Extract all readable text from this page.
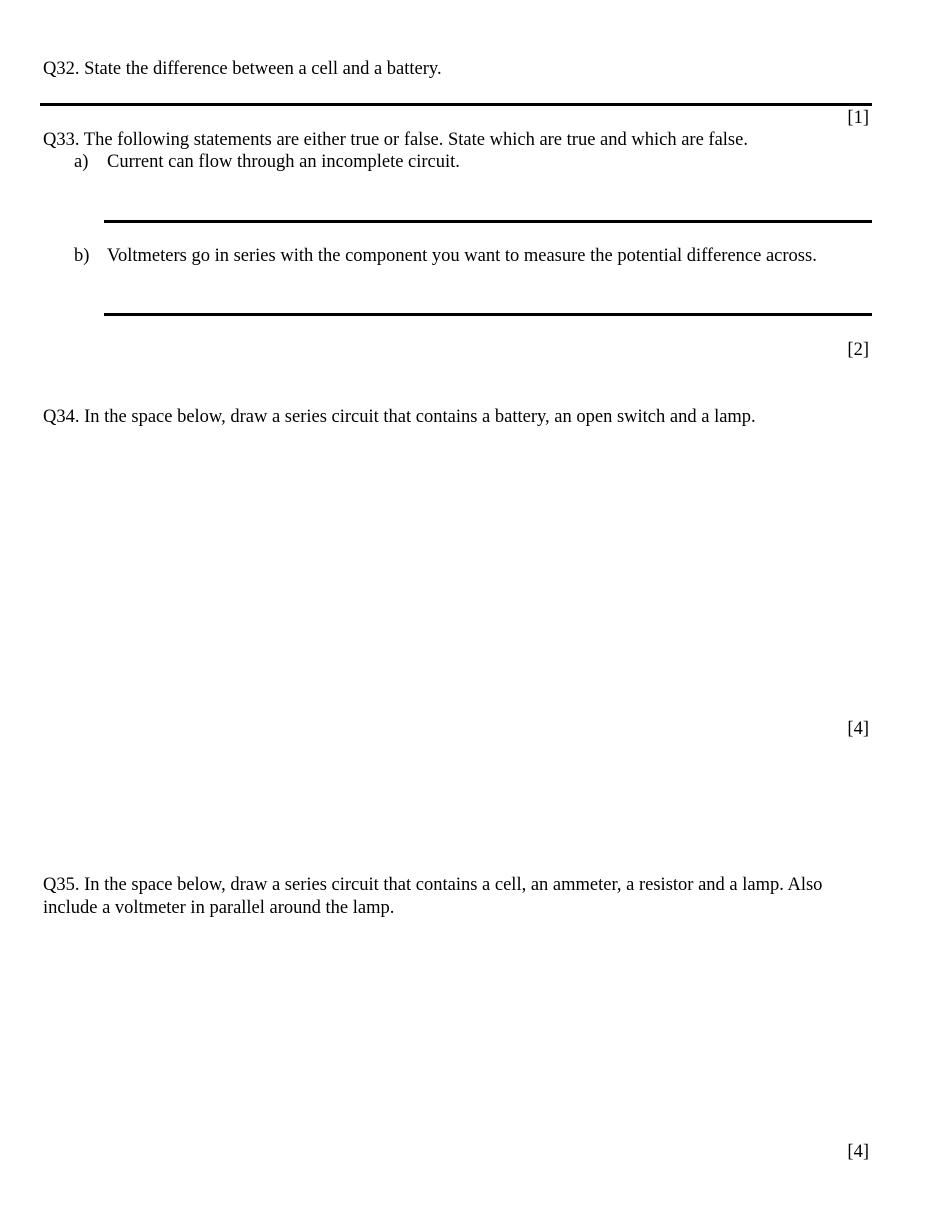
Q32. State the difference between a cell and a battery.
[1]
Q33. The following statements are either true or false. State which are true and which are false.
a) Current can flow through an incomplete circuit.
b) Voltmeters go in series with the component you want to measure the potential difference across.
[2]
Q34. In the space below, draw a series circuit that contains a battery, an open switch and a lamp.
[4]
Q35. In the space below, draw a series circuit that contains a cell, an ammeter, a resistor and a lamp. Also include a voltmeter in parallel around the lamp.
[4]
